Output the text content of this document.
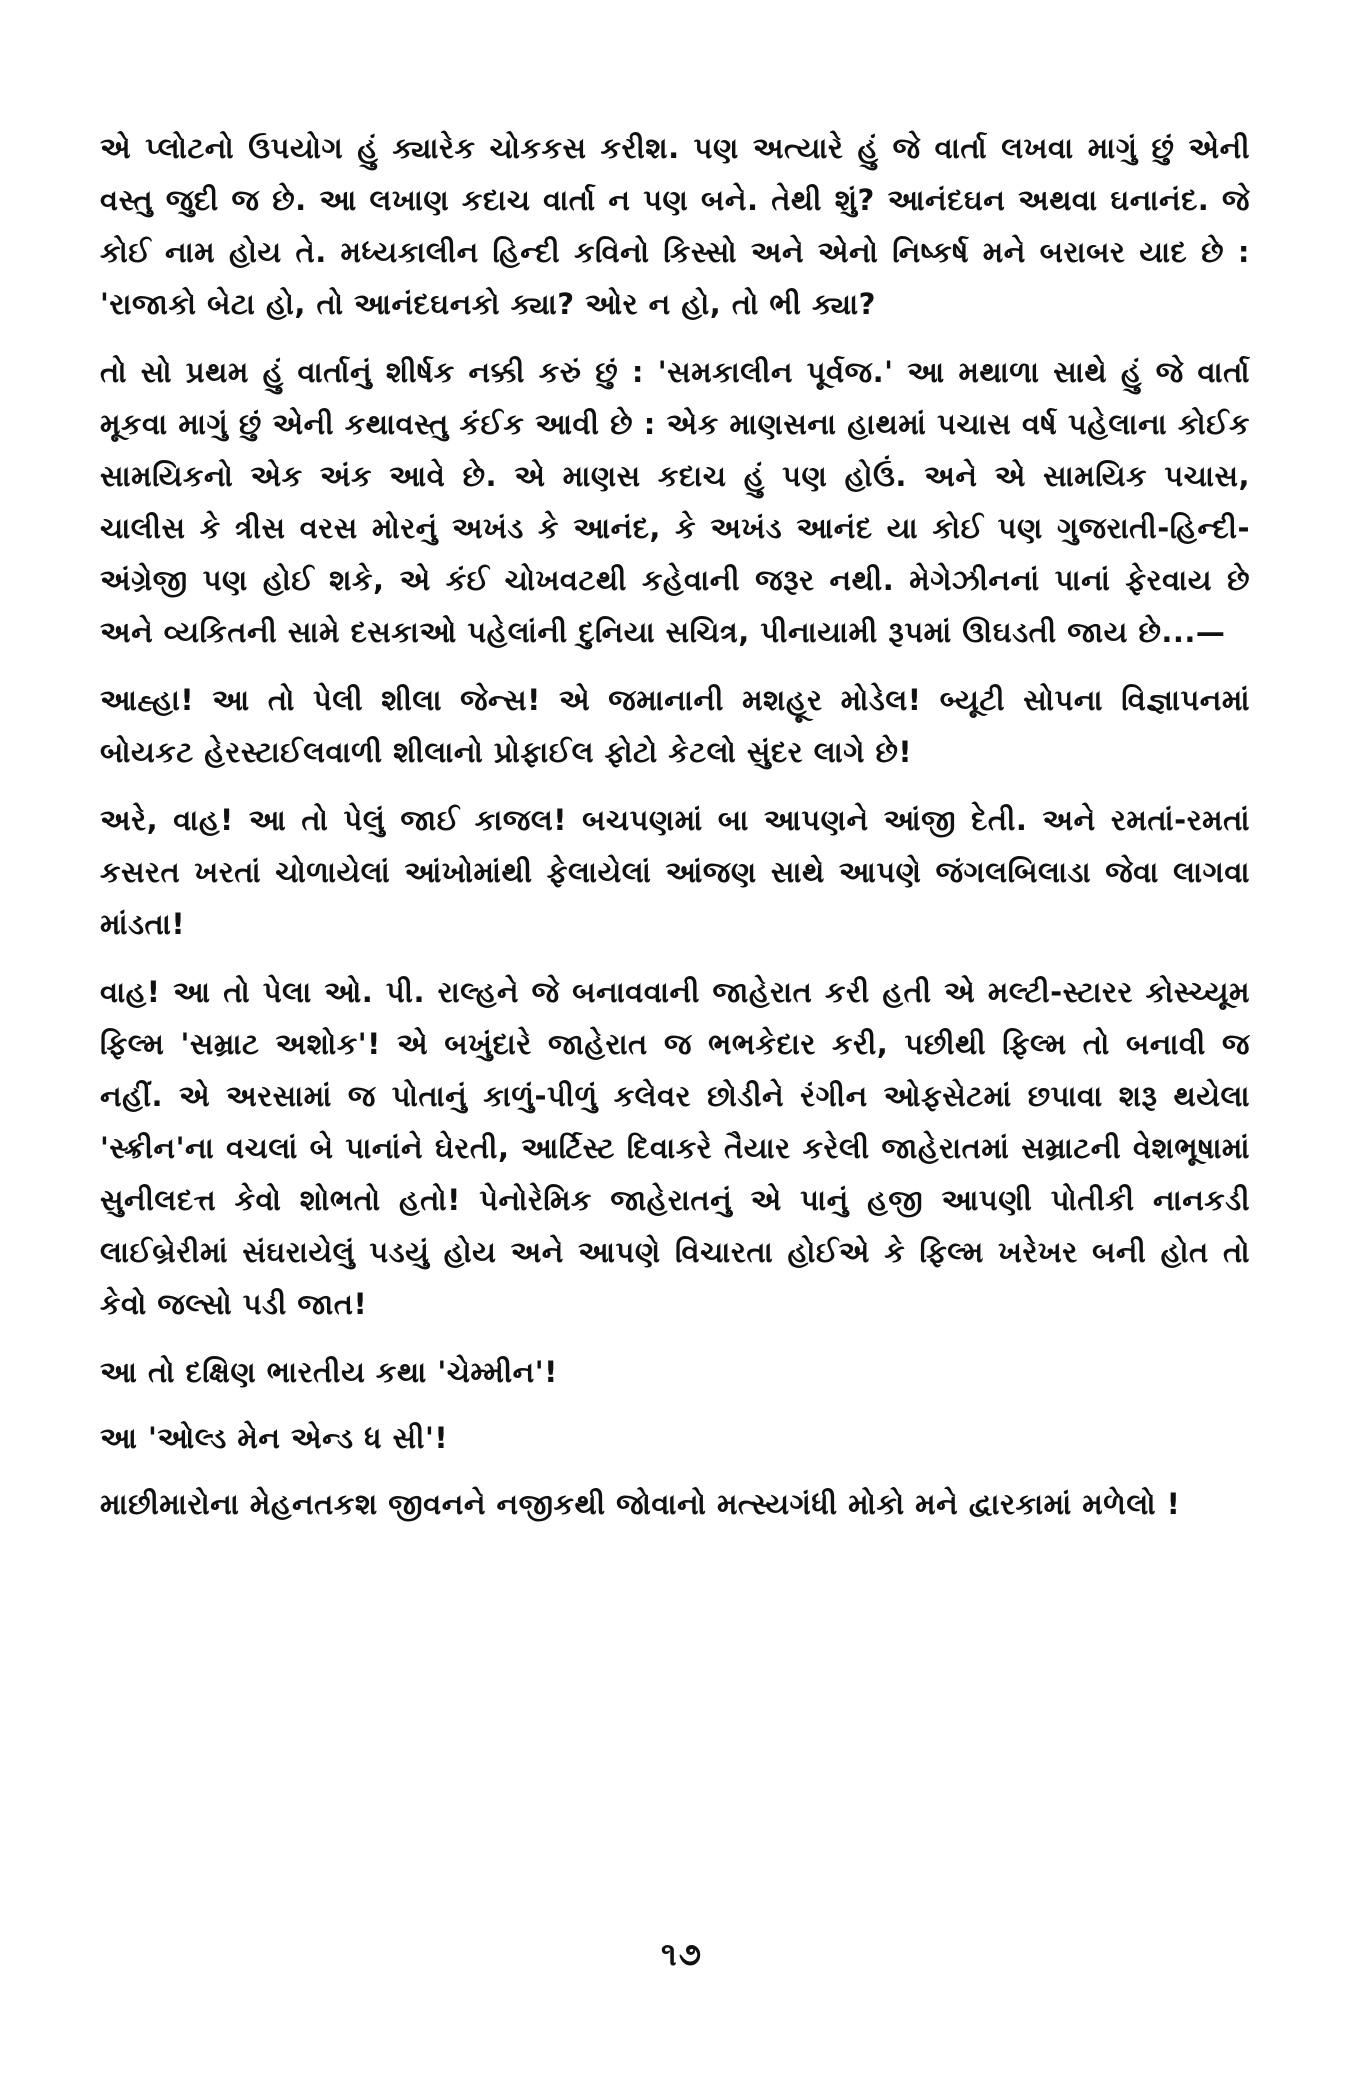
એ પ્લોટનો ઉપયોગ હું ક્યારેક ચોકકસ કરીશ. પણ અત્યારે હું જે વાર્તા લખવા માગું છું એની વસ્તુ જુદી જ છે. આ લખાણ કદાચ વાર્તા ન પણ બને. તેથી શું? આનંદઘન અથવા ઘનાનંદ. જે કોઈ નામ હોય તે. મધ્યકાલીન હિન્દી કવિનો કિસ્સો અને એનો નિષ્કર્ષ મને બરાબર યાદ છે : 'રાજાકો બેટા હો, તો આનંદઘનકો ક્યા? ઓર ન હો, તો ભી ક્યા?

તો સો પ્રથમ હું વાર્તાનું શીર્ષક નક્કી કરું છું : 'સમકાલીન પૂર્વજ.' આ મથાળા સાથે હું જે વાર્તા મૂકવા માગું છું એની કથાવસ્તુ કંઈક આવી છે : એક માણસના હાથમાં પચાસ વર્ષ પહેલાના કોઈક સામયિકનો એક અંક આવે છે. એ માણસ કદાચ હું પણ હોઉં. અને એ સામયિક પચાસ, ચાલીસ કે ત્રીસ વરસ મોરનું અખંડ કે આનંદ, કે અખંડ આનંદ યા કોઈ પણ ગુજરાતી-હિન્દી-અંગ્રેજી પણ હોઈ શકે, એ કંઈ ચોખવટથી કહેવાની જરૂર નથી. મેગેઝીનનાં પાનાં ફેરવાય છે અને વ્યકિતની સામે દસકાઓ પહેલાંની દુનિયા સચિત્ર, પીનાયામી રૂપમાં ઊઘડતી જાય છે...—

આહ્હા! આ તો પેલી શીલા જેન્સ! એ જમાનાની મશહૂર મોડેલ! બ્યૂટી સોપના વિજ્ઞાપનમાં બોયકટ હેરસ્ટાઈલવાળી શીલાનો પ્રોફાઈલ ફોટો કેટલો સુંદર લાગે છે!

અરે, વાહ! આ તો પેલું જાઈ કાજલ! બચપણમાં બા આપણને આંજી દેતી. અને રમતાં-રમતાં કસરત ખરતાં ચોળાયેલાં આંખોમાંથી ફેલાયેલાં આંજણ સાથે આપણે જંગલબિલાડા જેવા લાગવા માંડતા!

વાહ! આ તો પેલા ઓ. પી. રાલ્હને જે બનાવવાની જાહેરાત કરી હતી એ મલ્ટી-સ્ટારર કોસ્ચ્યૂમ ફિલ્મ 'સમ્રાટ અશોક'! એ બખુંદારે જાહેરાત જ ભભકેદાર કરી, પછીથી ફિલ્મ તો બનાવી જ નહીં. એ અરસામાં જ પોતાનું કાળું-પીળું કલેવર છોડીને રંગીન ઓફસેટમાં છપાવા શરૂ થયેલા 'સ્ક્રીન'ના વચલાં બે પાનાંને ઘેરતી, આર્ટિસ્ટ દિવાકરે તૈયાર કરેલી જાહેરાતમાં સમ્રાટની વેશભૂષામાં સુનીલદત્ત કેવો શોભતો હતો! પેનોરેમિક જાહેરાતનું એ પાનું હજી આપણી પોતીકી નાનકડી લાઈબ્રેરીમાં સંઘરાયેલું પડયું હોય અને આપણે વિચારતા હોઈએ કે ફિલ્મ ખરેખર બની હોત તો કેવો જલ્સો પડી જાત!

આ તો દક્ષિણ ભારતીય કથા 'ચેમ્મીન'!

આ 'ઓલ્ડ મેન એન્ડ ધ સી'!

માછીમારોના મેહનતકશ જીવનને નજીકથી જોવાનો મત્સ્યગંધી મોકો મને દ્વારકામાં મળેલો !

૧૭
